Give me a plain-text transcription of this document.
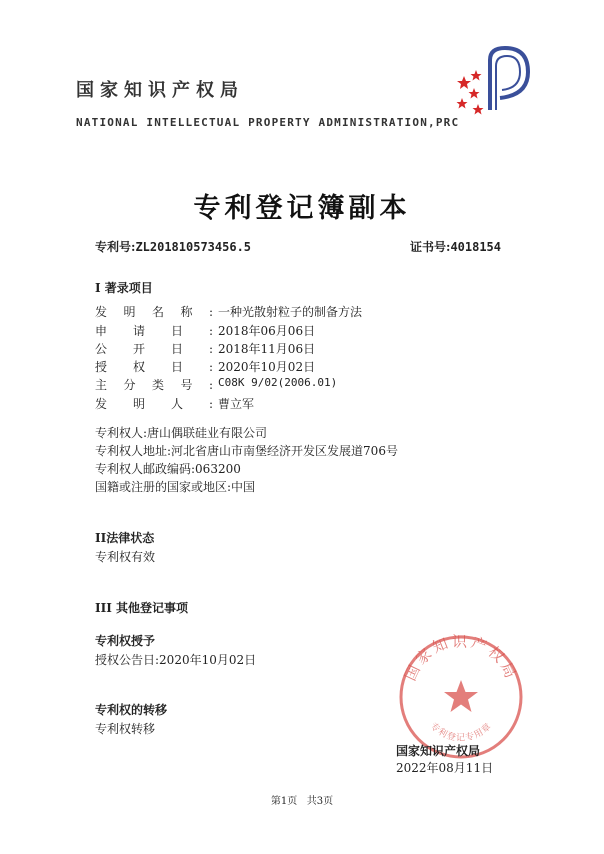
国家知识产权局
NATIONAL INTELLECTUAL PROPERTY ADMINISTRATION,PRC
专利登记簿副本
专利号:ZL201810573456.5	证书号:4018154
I 著录项目
发明名称: 一种光散射粒子的制备方法
申请日: 2018年06月06日
公开日: 2018年11月06日
授权日: 2020年10月02日
主分类号: C08K 9/02(2006.01)
发明人: 曹立军
专利权人:唐山偶联硅业有限公司
专利权人地址:河北省唐山市南堡经济开发区发展道706号
专利权人邮政编码:063200
国籍或注册的国家或地区:中国
II法律状态
专利权有效
III 其他登记事项
专利权授予
授权公告日:2020年10月02日
专利权的转移
专利权转移
国家知识产权局
专利登记专用章
国家知识产权局
2022年08月11日
第1页 共3页
